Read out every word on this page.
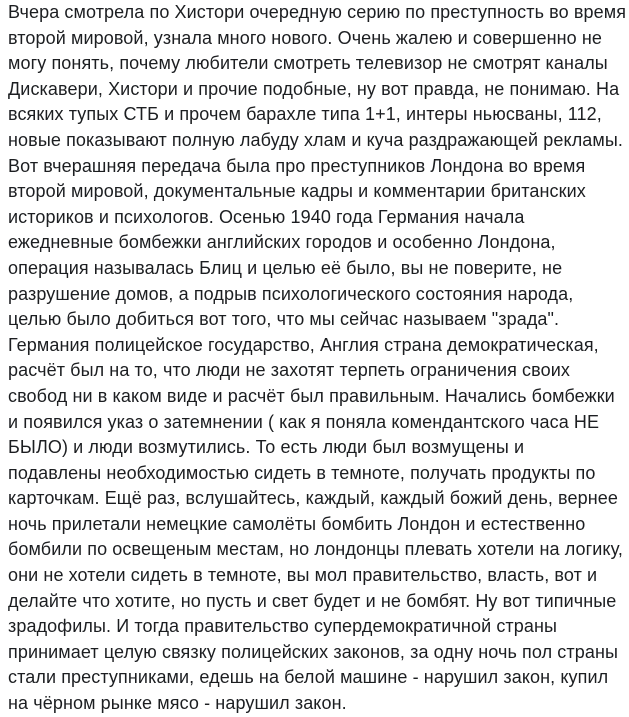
Вчера смотрела по Хистори очередную серию по преступность во время
второй мировой, узнала много нового. Очень жалею и совершенно не
могу понять, почему любители смотреть телевизор не смотрят каналы
Дискавери, Хистори и прочие подобные, ну вот правда, не понимаю. На
всяких тупых СТБ и прочем барахле типа 1+1, интеры ньюсваны, 112,
новые показывают полную лабуду хлам и куча раздражающей рекламы.
Вот вчерашняя передача была про преступников Лондона во время
второй мировой, документальные кадры и комментарии британских
историков и психологов. Осенью 1940 года Германия начала
ежедневные бомбежки английских городов и особенно Лондона,
операция называлась Блиц и целью её было, вы не поверите, не
разрушение домов, а подрыв психологического состояния народа,
целью было добиться вот того, что мы сейчас называем "зрада".
Германия полицейское государство, Англия страна демократическая,
расчёт был на то, что люди не захотят терпеть ограничения своих
свобод ни в каком виде и расчёт был правильным. Начались бомбежки
и появился указ о затемнении ( как я поняла комендантского часа НЕ
БЫЛО) и люди возмутились. То есть люди был возмущены и
подавлены необходимостью сидеть в темноте, получать продукты по
карточкам. Ещё раз, вслушайтесь, каждый, каждый божий день, вернее
ночь прилетали немецкие самолёты бомбить Лондон и естественно
бомбили по освещеным местам, но лондонцы плевать хотели на логику,
они не хотели сидеть в темноте, вы мол правительство, власть, вот и
делайте что хотите, но пусть и свет будет и не бомбят. Ну вот типичные
зрадофилы. И тогда правительство супердемократичной страны
принимает целую связку полицейских законов, за одну ночь пол страны
стали преступниками, едешь на белой машине - нарушил закон, купил
на чёрном рынке мясо - нарушил закон.
